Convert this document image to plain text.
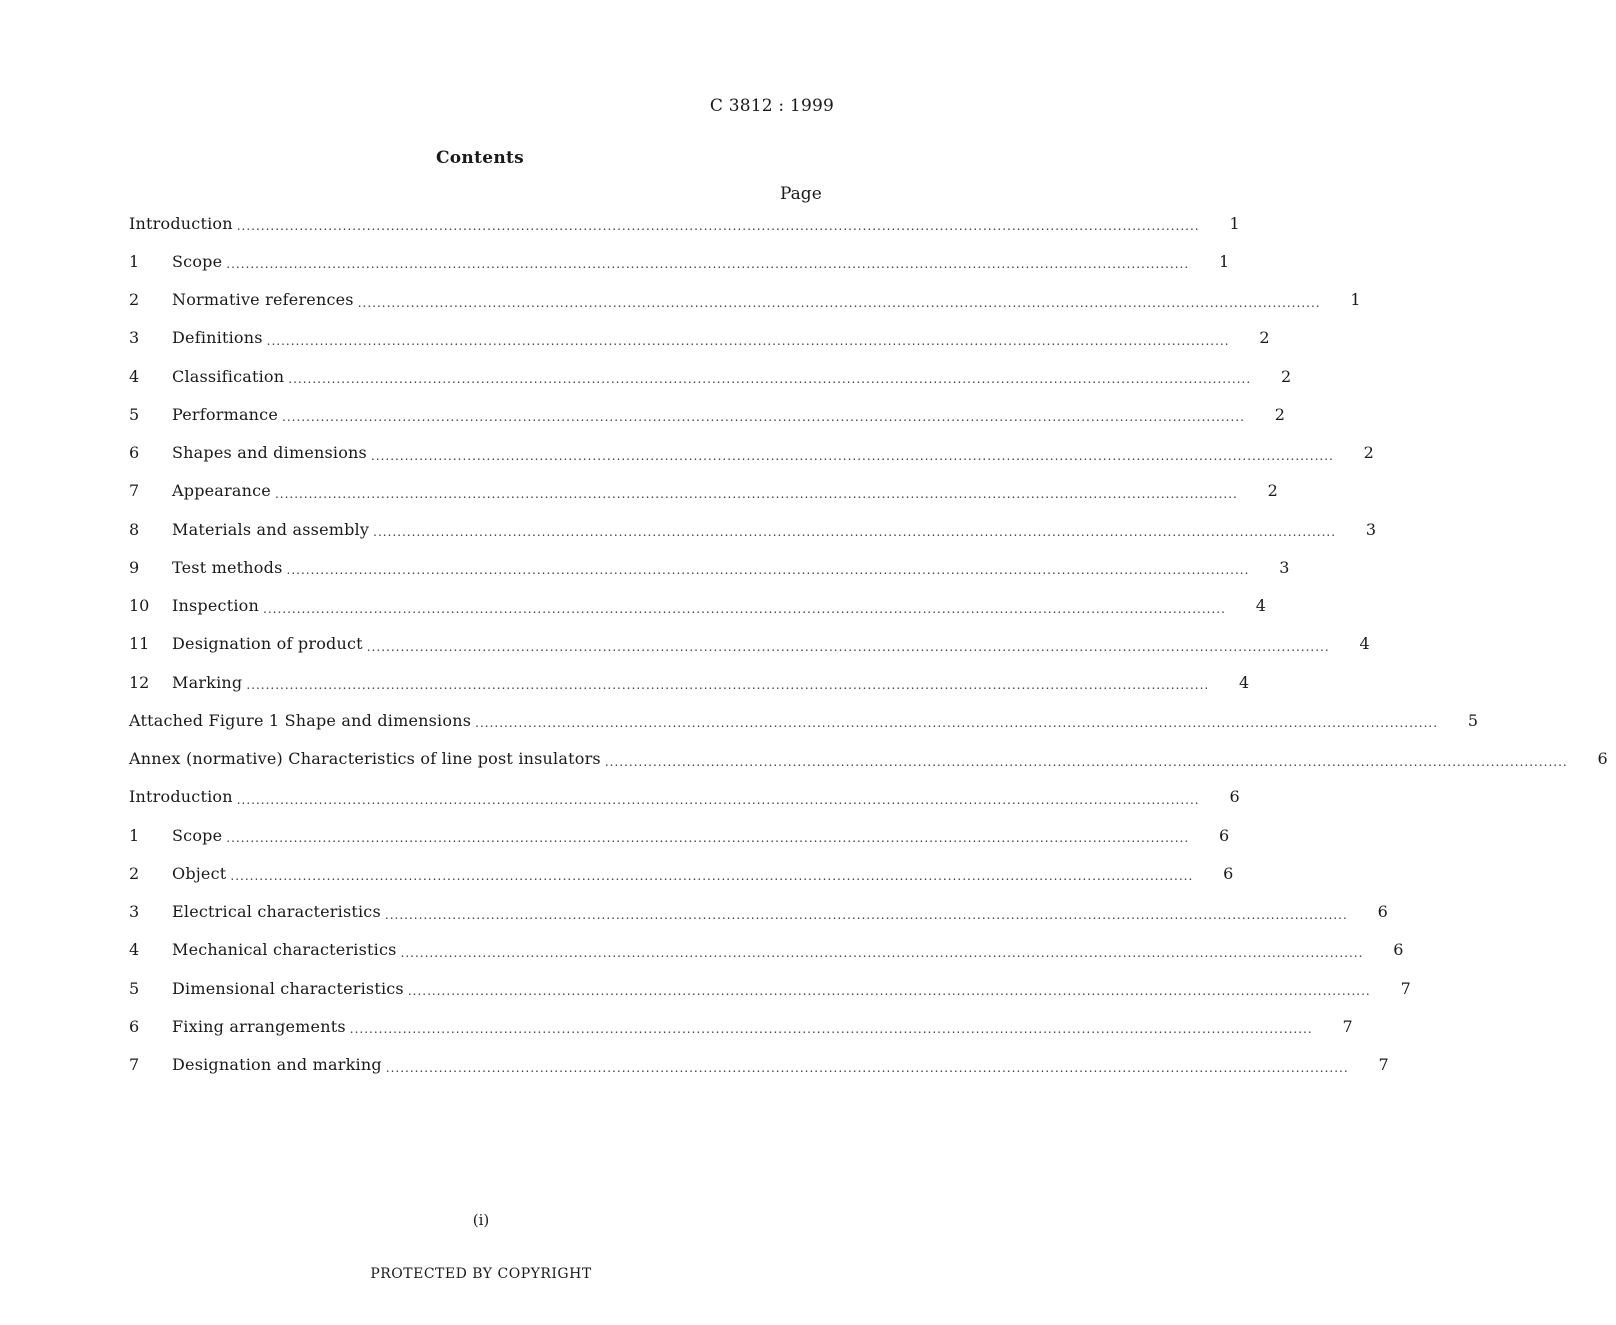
C 3812 : 1999
Contents
Page
Introduction ........................................................................................................................................................................................................	1
1	Scope ........................................................................................................................................................................................................	1
2	Normative references ........................................................................................................................................................................................................	1
3	Definitions ........................................................................................................................................................................................................	2
4	Classification ........................................................................................................................................................................................................	2
5	Performance ........................................................................................................................................................................................................	2
6	Shapes and dimensions ........................................................................................................................................................................................................	2
7	Appearance ........................................................................................................................................................................................................	2
8	Materials and assembly ........................................................................................................................................................................................................	3
9	Test methods ........................................................................................................................................................................................................	3
10	Inspection ........................................................................................................................................................................................................	4
11	Designation of product ........................................................................................................................................................................................................	4
12	Marking ........................................................................................................................................................................................................	4
Attached Figure 1 Shape and dimensions ........................................................................................................................................................................................................	5
Annex (normative) Characteristics of line post insulators ........................................................................................................................................................................................................	6
Introduction ........................................................................................................................................................................................................	6
1	Scope ........................................................................................................................................................................................................	6
2	Object ........................................................................................................................................................................................................	6
3	Electrical characteristics ........................................................................................................................................................................................................	6
4	Mechanical characteristics ........................................................................................................................................................................................................	6
5	Dimensional characteristics ........................................................................................................................................................................................................	7
6	Fixing arrangements ........................................................................................................................................................................................................	7
7	Designation and marking ........................................................................................................................................................................................................	7
(i)
PROTECTED BY COPYRIGHT
